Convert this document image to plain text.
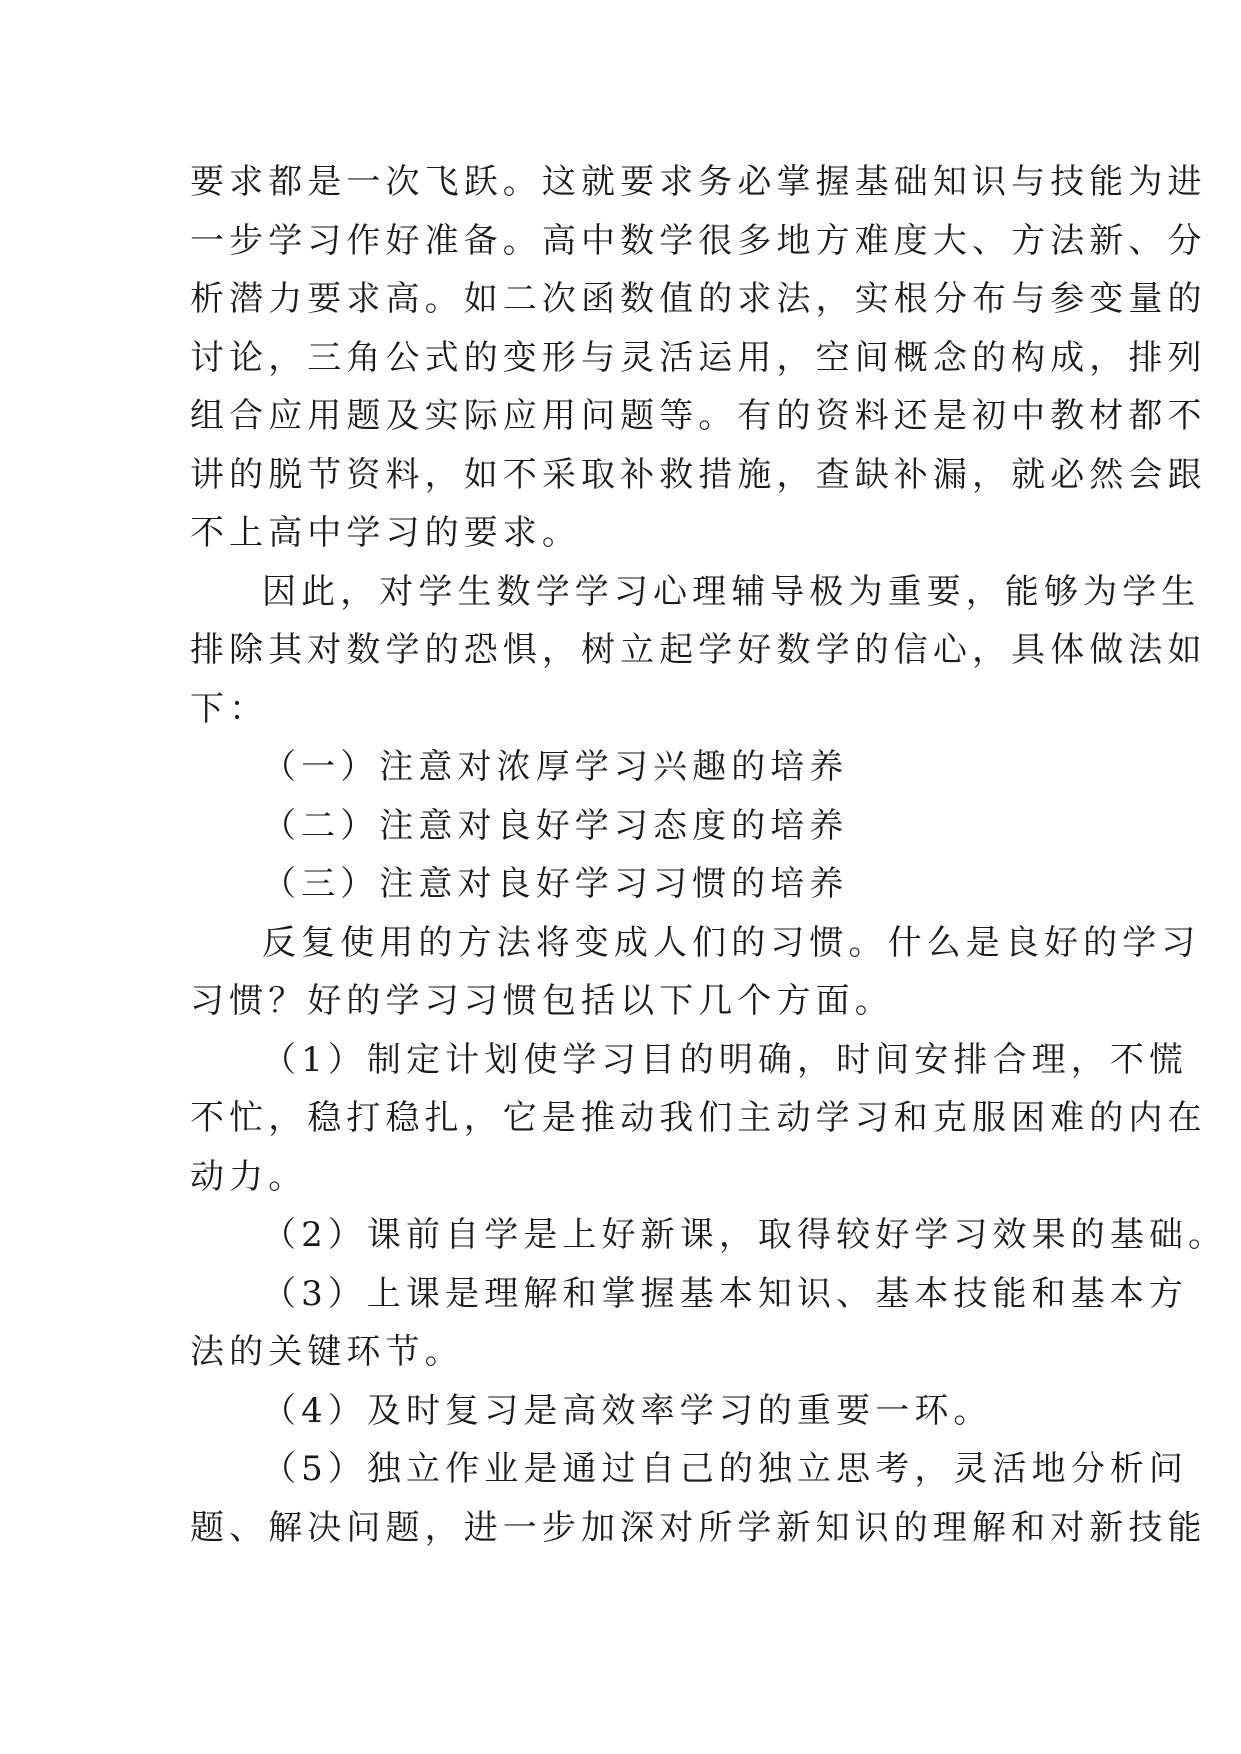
要求都是一次飞跃。这就要求务必掌握基础知识与技能为进
一步学习作好准备。高中数学很多地方难度大、方法新、分
析潜力要求高。如二次函数值的求法，实根分布与参变量的
讨论，三角公式的变形与灵活运用，空间概念的构成，排列
组合应用题及实际应用问题等。有的资料还是初中教材都不
讲的脱节资料，如不采取补救措施，查缺补漏，就必然会跟
不上高中学习的要求。
因此，对学生数学学习心理辅导极为重要，能够为学生
排除其对数学的恐惧，树立起学好数学的信心，具体做法如
下：
（一）注意对浓厚学习兴趣的培养
（二）注意对良好学习态度的培养
（三）注意对良好学习习惯的培养
反复使用的方法将变成人们的习惯。什么是良好的学习
习惯？好的学习习惯包括以下几个方面。
（1）制定计划使学习目的明确，时间安排合理，不慌
不忙，稳打稳扎，它是推动我们主动学习和克服困难的内在
动力。
（2）课前自学是上好新课，取得较好学习效果的基础。
（3）上课是理解和掌握基本知识、基本技能和基本方
法的关键环节。
（4）及时复习是高效率学习的重要一环。
（5）独立作业是通过自己的独立思考，灵活地分析问
题、解决问题，进一步加深对所学新知识的理解和对新技能
